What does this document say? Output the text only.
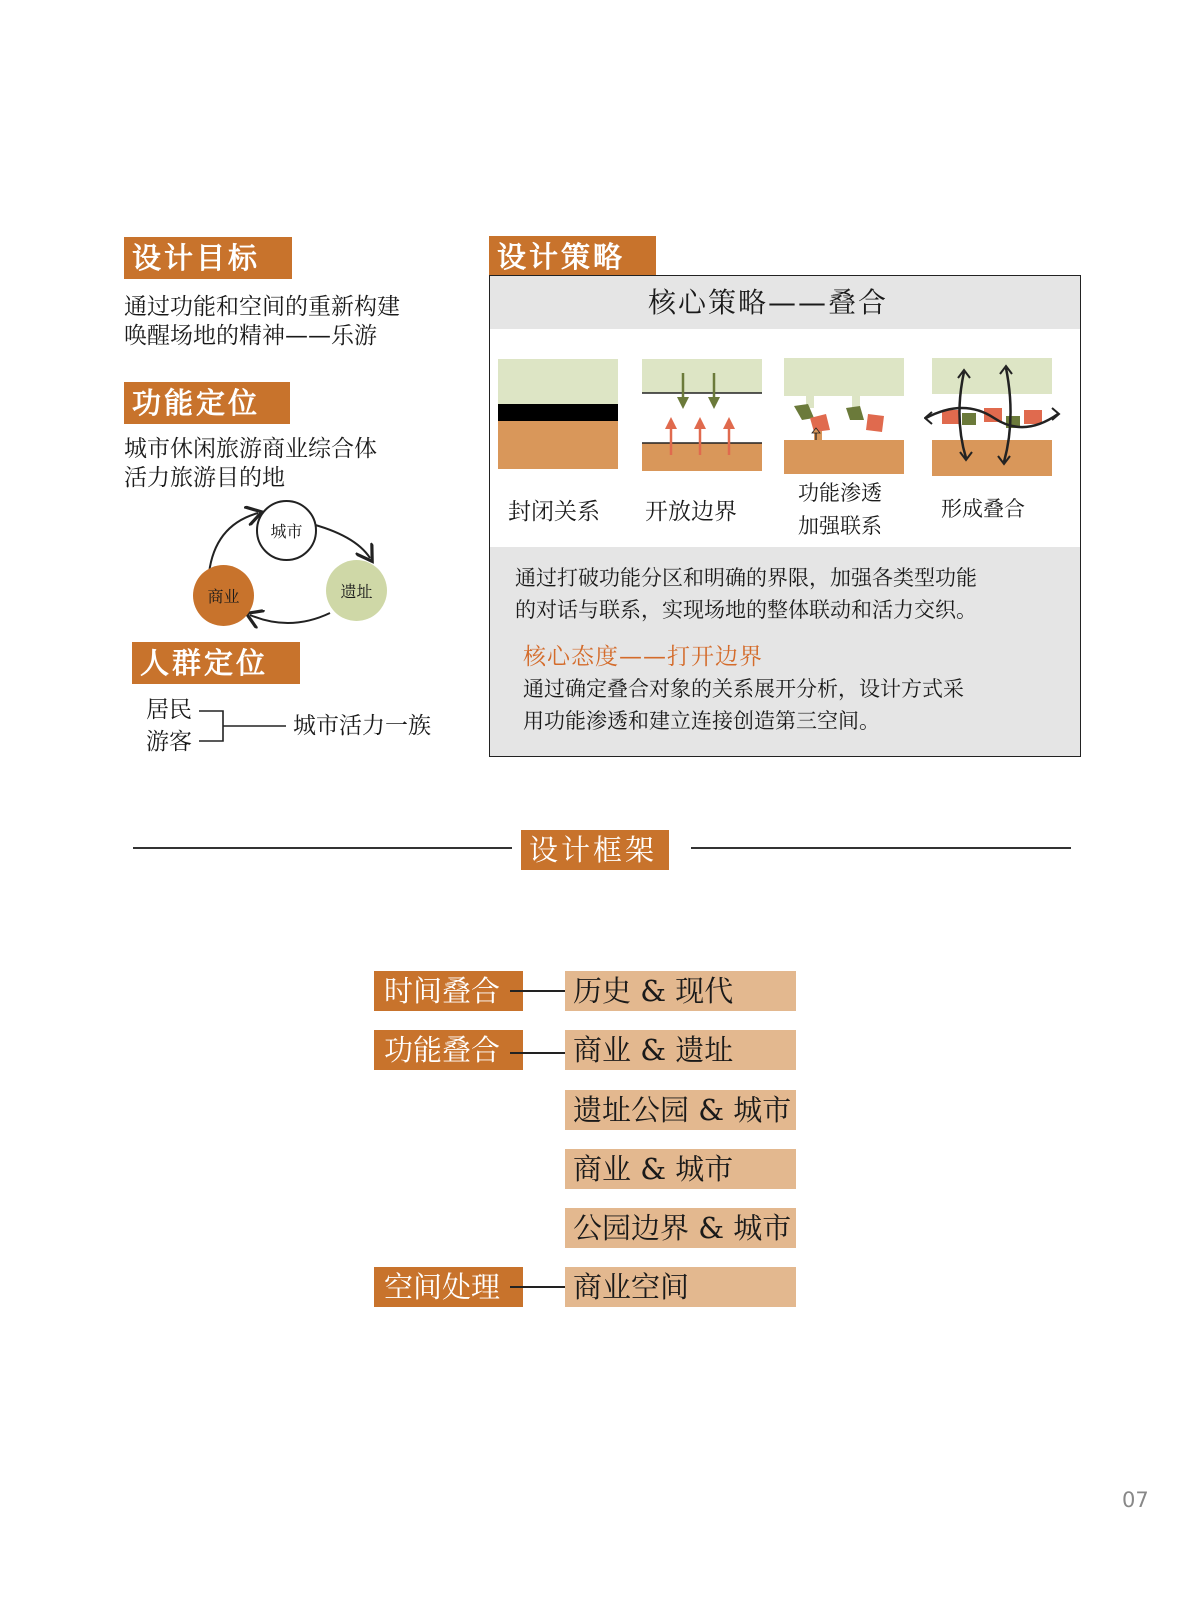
设计目标
通过功能和空间的重新构建
唤醒场地的精神——乐游
功能定位
城市休闲旅游商业综合体
活力旅游目的地
城市
遗址
商业
人群定位
居民
游客
城市活力一族
设计策略
核心策略——叠合
封闭关系 开放边界
功能渗透
加强联系
形成叠合
通过打破功能分区和明确的界限，加强各类型功能
的对话与联系，实现场地的整体联动和活力交织。
核心态度——打开边界
通过确定叠合对象的关系展开分析，设计方式采
用功能渗透和建立连接创造第三空间。
设计框架
时间叠合	历史 & 现代
功能叠合	商业 & 遗址
遗址公园 & 城市
商业 & 城市
公园边界 & 城市
空间处理	商业空间
07
